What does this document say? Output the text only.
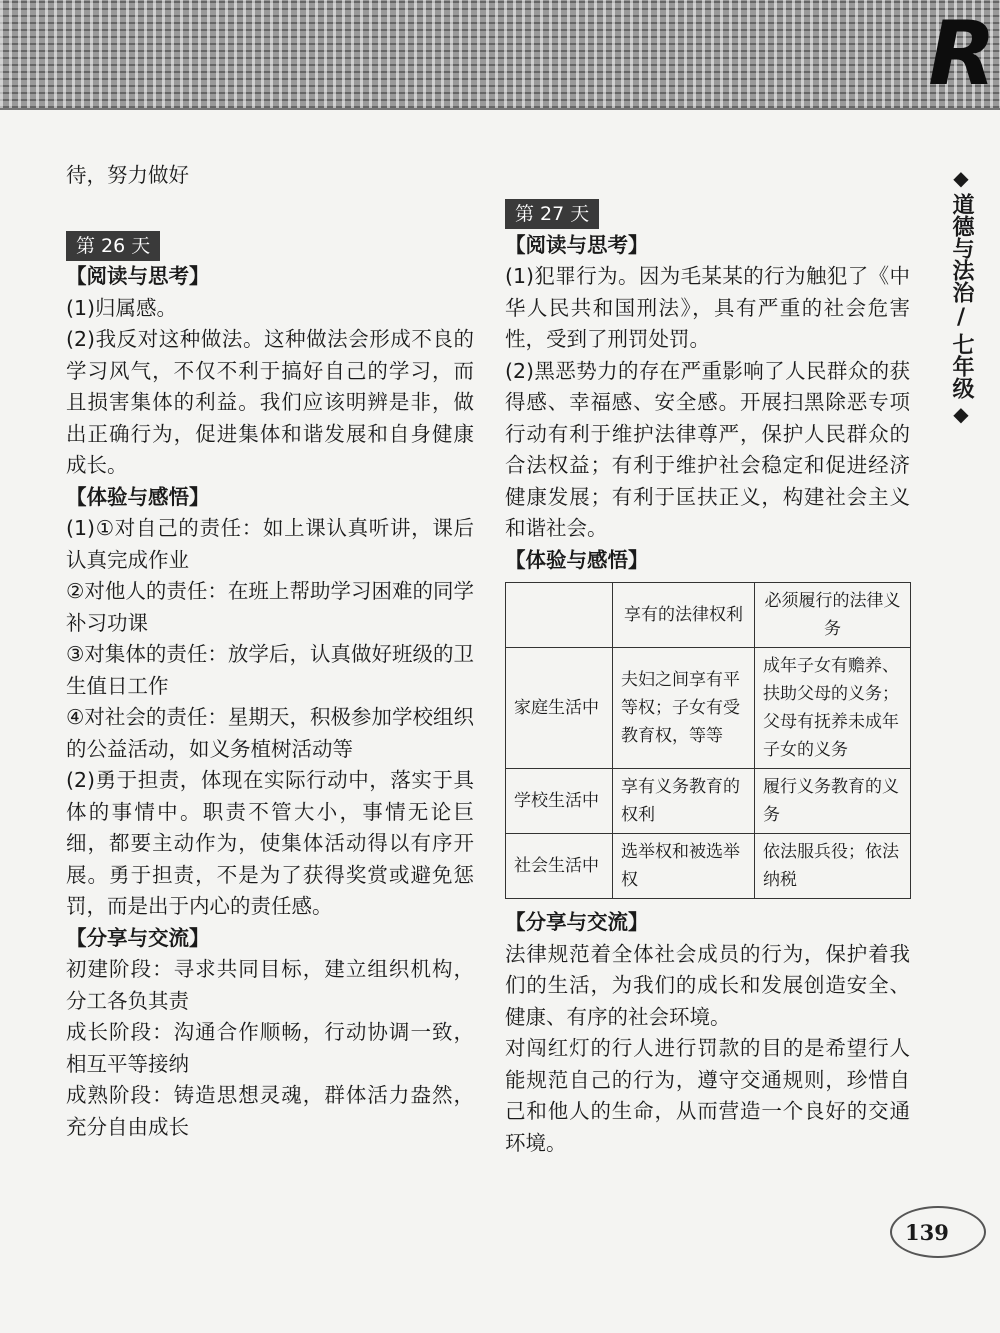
R
◆
道德与法治
/
七年级
◆

待，努力做好

第 26 天

【阅读与思考】

(1)归属感。

(2)我反对这种做法。这种做法会形成不良的学习风气，不仅不利于搞好自己的学习，而且损害集体的利益。我们应该明辨是非，做出正确行为，促进集体和谐发展和自身健康成长。

【体验与感悟】

(1)①对自己的责任：如上课认真听讲，课后认真完成作业

②对他人的责任：在班上帮助学习困难的同学补习功课

③对集体的责任：放学后，认真做好班级的卫生值日工作

④对社会的责任：星期天，积极参加学校组织的公益活动，如义务植树活动等

(2)勇于担责，体现在实际行动中，落实于具体的事情中。职责不管大小，事情无论巨细，都要主动作为，使集体活动得以有序开展。勇于担责，不是为了获得奖赏或避免惩罚，而是出于内心的责任感。

【分享与交流】

初建阶段：寻求共同目标，建立组织机构，分工各负其责

成长阶段：沟通合作顺畅，行动协调一致，相互平等接纳

成熟阶段：铸造思想灵魂，群体活力盎然，充分自由成长

第 27 天

【阅读与思考】

(1)犯罪行为。因为毛某某的行为触犯了《中华人民共和国刑法》，具有严重的社会危害性，受到了刑罚处罚。

(2)黑恶势力的存在严重影响了人民群众的获得感、幸福感、安全感。开展扫黑除恶专项行动有利于维护法律尊严，保护人民群众的合法权益；有利于维护社会稳定和促进经济健康发展；有利于匡扶正义，构建社会主义和谐社会。

【体验与感悟】

	享有的法律权利	必须履行的法律义务
家庭生活中	夫妇之间享有平等权；子女有受教育权，等等	成年子女有赡养、扶助父母的义务；父母有抚养未成年子女的义务
学校生活中	享有义务教育的权利	履行义务教育的义务
社会生活中	选举权和被选举权	依法服兵役；依法纳税

【分享与交流】

法律规范着全体社会成员的行为，保护着我们的生活，为我们的成长和发展创造安全、健康、有序的社会环境。

对闯红灯的行人进行罚款的目的是希望行人能规范自己的行为，遵守交通规则，珍惜自己和他人的生命，从而营造一个良好的交通环境。

139
